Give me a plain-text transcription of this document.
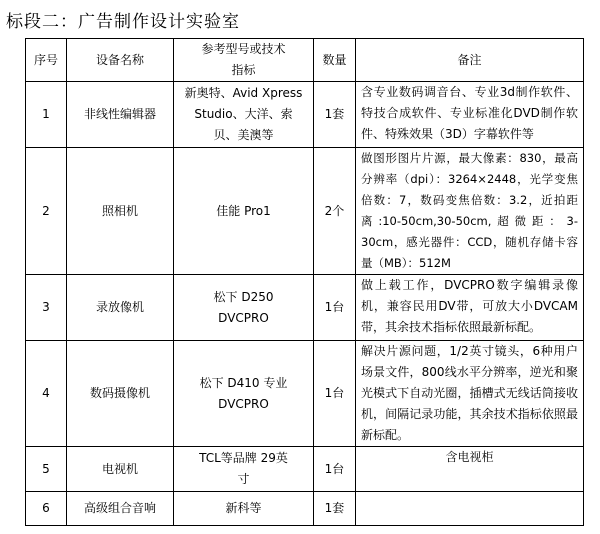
标段二：广告制作设计实验室
序号	设备名称	参考型号或技术指标	数量	备注
1	非线性编辑器	新奥特、Avid Xpress Studio、大洋、索贝、美澳等	1套	含专业数码调音台、专业3d制作软件、特技合成软件、专业标准化DVD制作软件、特殊效果（3D）字幕软件等
2	照相机	佳能 Pro1	2个	做图形图片片源，最大像素：830，最高分辨率（dpi）：3264×2448，光学变焦倍数：7，数码变焦倍数：3.2，近拍距离:10-50cm,30-50cm,超微距：3-30cm，感光器件：CCD，随机存储卡容量（MB）：512M
3	录放像机	松下 D250 DVCPRO	1台	做上载工作，DVCPRO数字编辑录像机，兼容民用DV带，可放大小DVCAM带，其余技术指标依照最新标配。
4	数码摄像机	松下 D410 专业 DVCPRO	1台	解决片源问题，1/2英寸镜头，6种用户场景文件，800线水平分辨率，逆光和聚光模式下自动光圈，插槽式无线话筒接收机，间隔记录功能，其余技术指标依照最新标配。
5	电视机	TCL等品牌 29英寸	1台	含电视柜
6	高级组合音响	新科等	1套	
